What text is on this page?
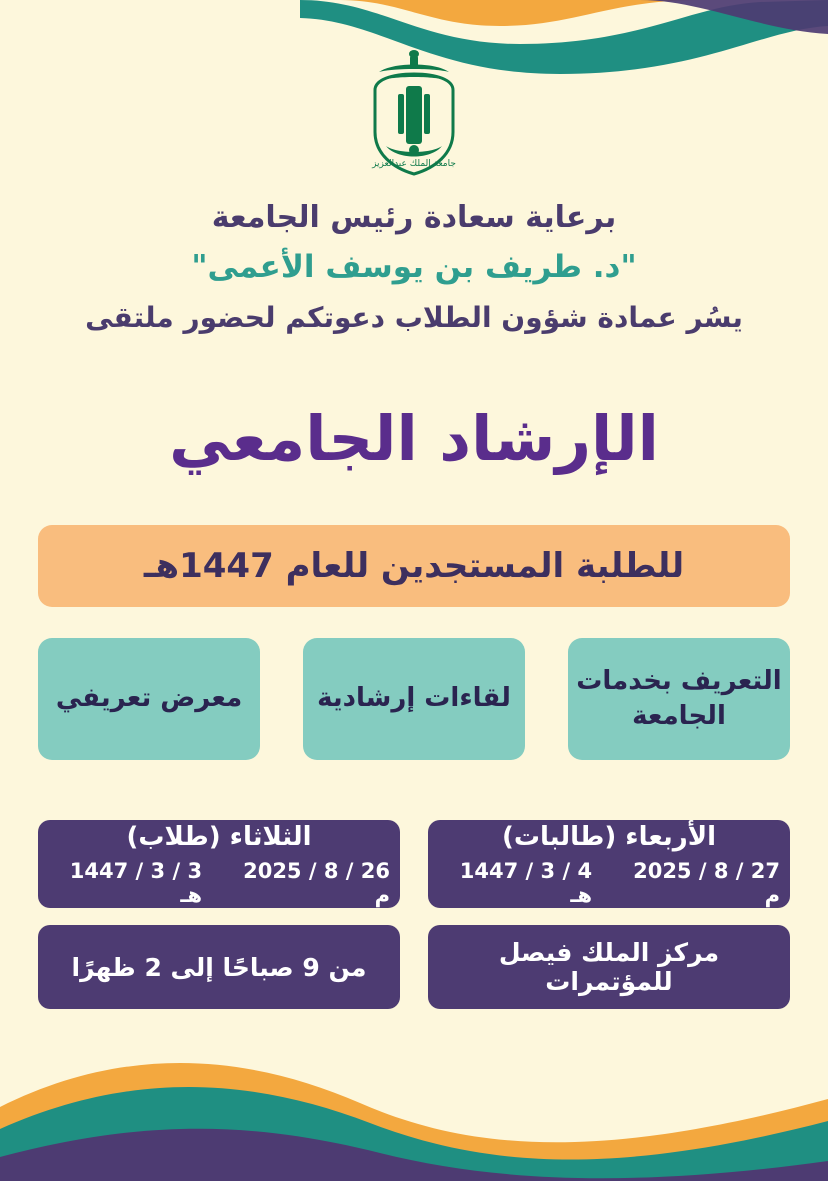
جامعة الملك عبدالعزيز
برعاية سعادة رئيس الجامعة
"د. طريف بن يوسف الأعمى"
يسُر عمادة شؤون الطلاب دعوتكم لحضور ملتقى
الإرشاد الجامعي
للطلبة المستجدين للعام 1447هـ
التعريف بخدمات الجامعة
لقاءات إرشادية
معرض تعريفي
الأربعاء (طالبات)
27 / 8 / 2025 م
4 / 3 / 1447 هـ
الثلاثاء (طلاب)
26 / 8 / 2025 م
3 / 3 / 1447 هـ
مركز الملك فيصل للمؤتمرات
من 9 صباحًا إلى 2 ظهرًا
